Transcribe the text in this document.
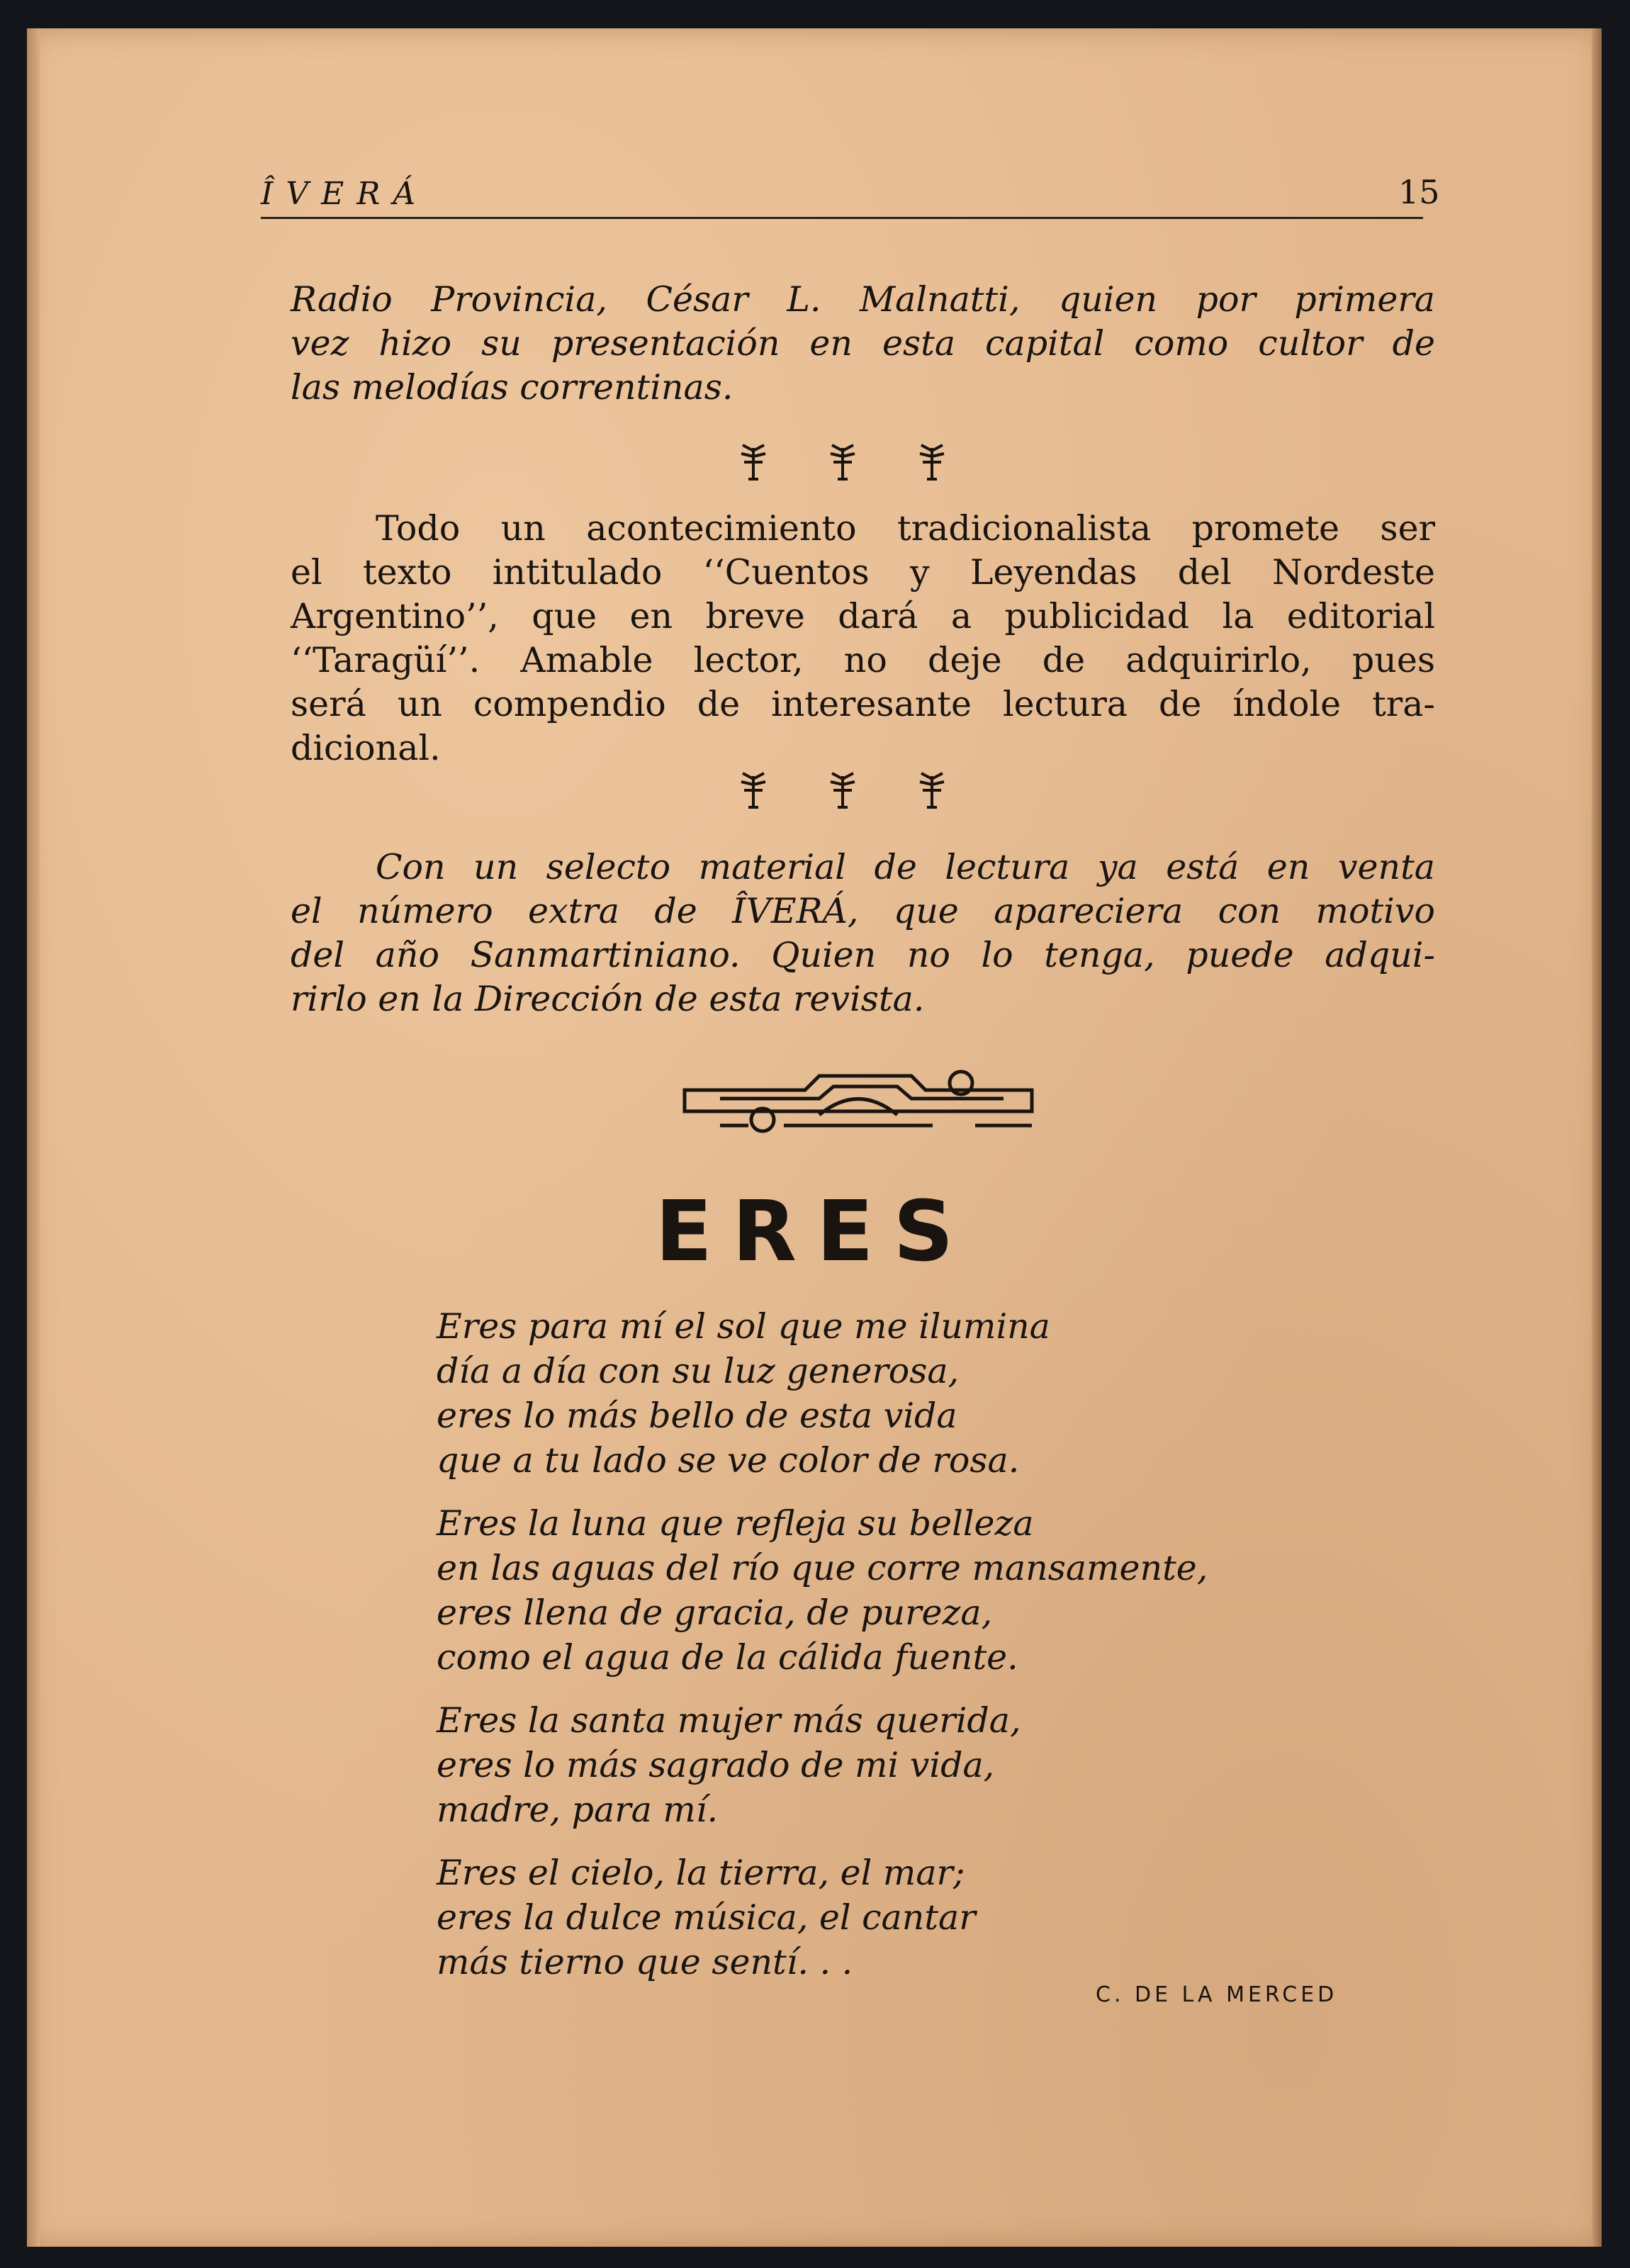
ÎVERÁ	15
Radio Provincia, César L. Malnatti, quien por primera
vez hizo su presentación en esta capital como cultor de
las melodías correntinas.
Todo un acontecimiento tradicionalista promete ser
el texto intitulado ‘‘Cuentos y Leyendas del Nordeste
Argentino’’, que en breve dará a publicidad la editorial
‘‘Taragüí’’. Amable lector, no deje de adquirirlo, pues
será un compendio de interesante lectura de índole tra-
dicional.
Con un selecto material de lectura ya está en venta
el número extra de ÎVERÁ, que apareciera con motivo
del año Sanmartiniano. Quien no lo tenga, puede adqui-
rirlo en la Dirección de esta revista.
ERES
Eres para mí el sol que me ilumina
día a día con su luz generosa,
eres lo más bello de esta vida
que a tu lado se ve color de rosa.
Eres la luna que refleja su belleza
en las aguas del río que corre mansamente,
eres llena de gracia, de pureza,
como el agua de la cálida fuente.
Eres la santa mujer más querida,
eres lo más sagrado de mi vida,
madre, para mí.
Eres el cielo, la tierra, el mar;
eres la dulce música, el cantar
más tierno que sentí. . .
C. DE LA MERCED
